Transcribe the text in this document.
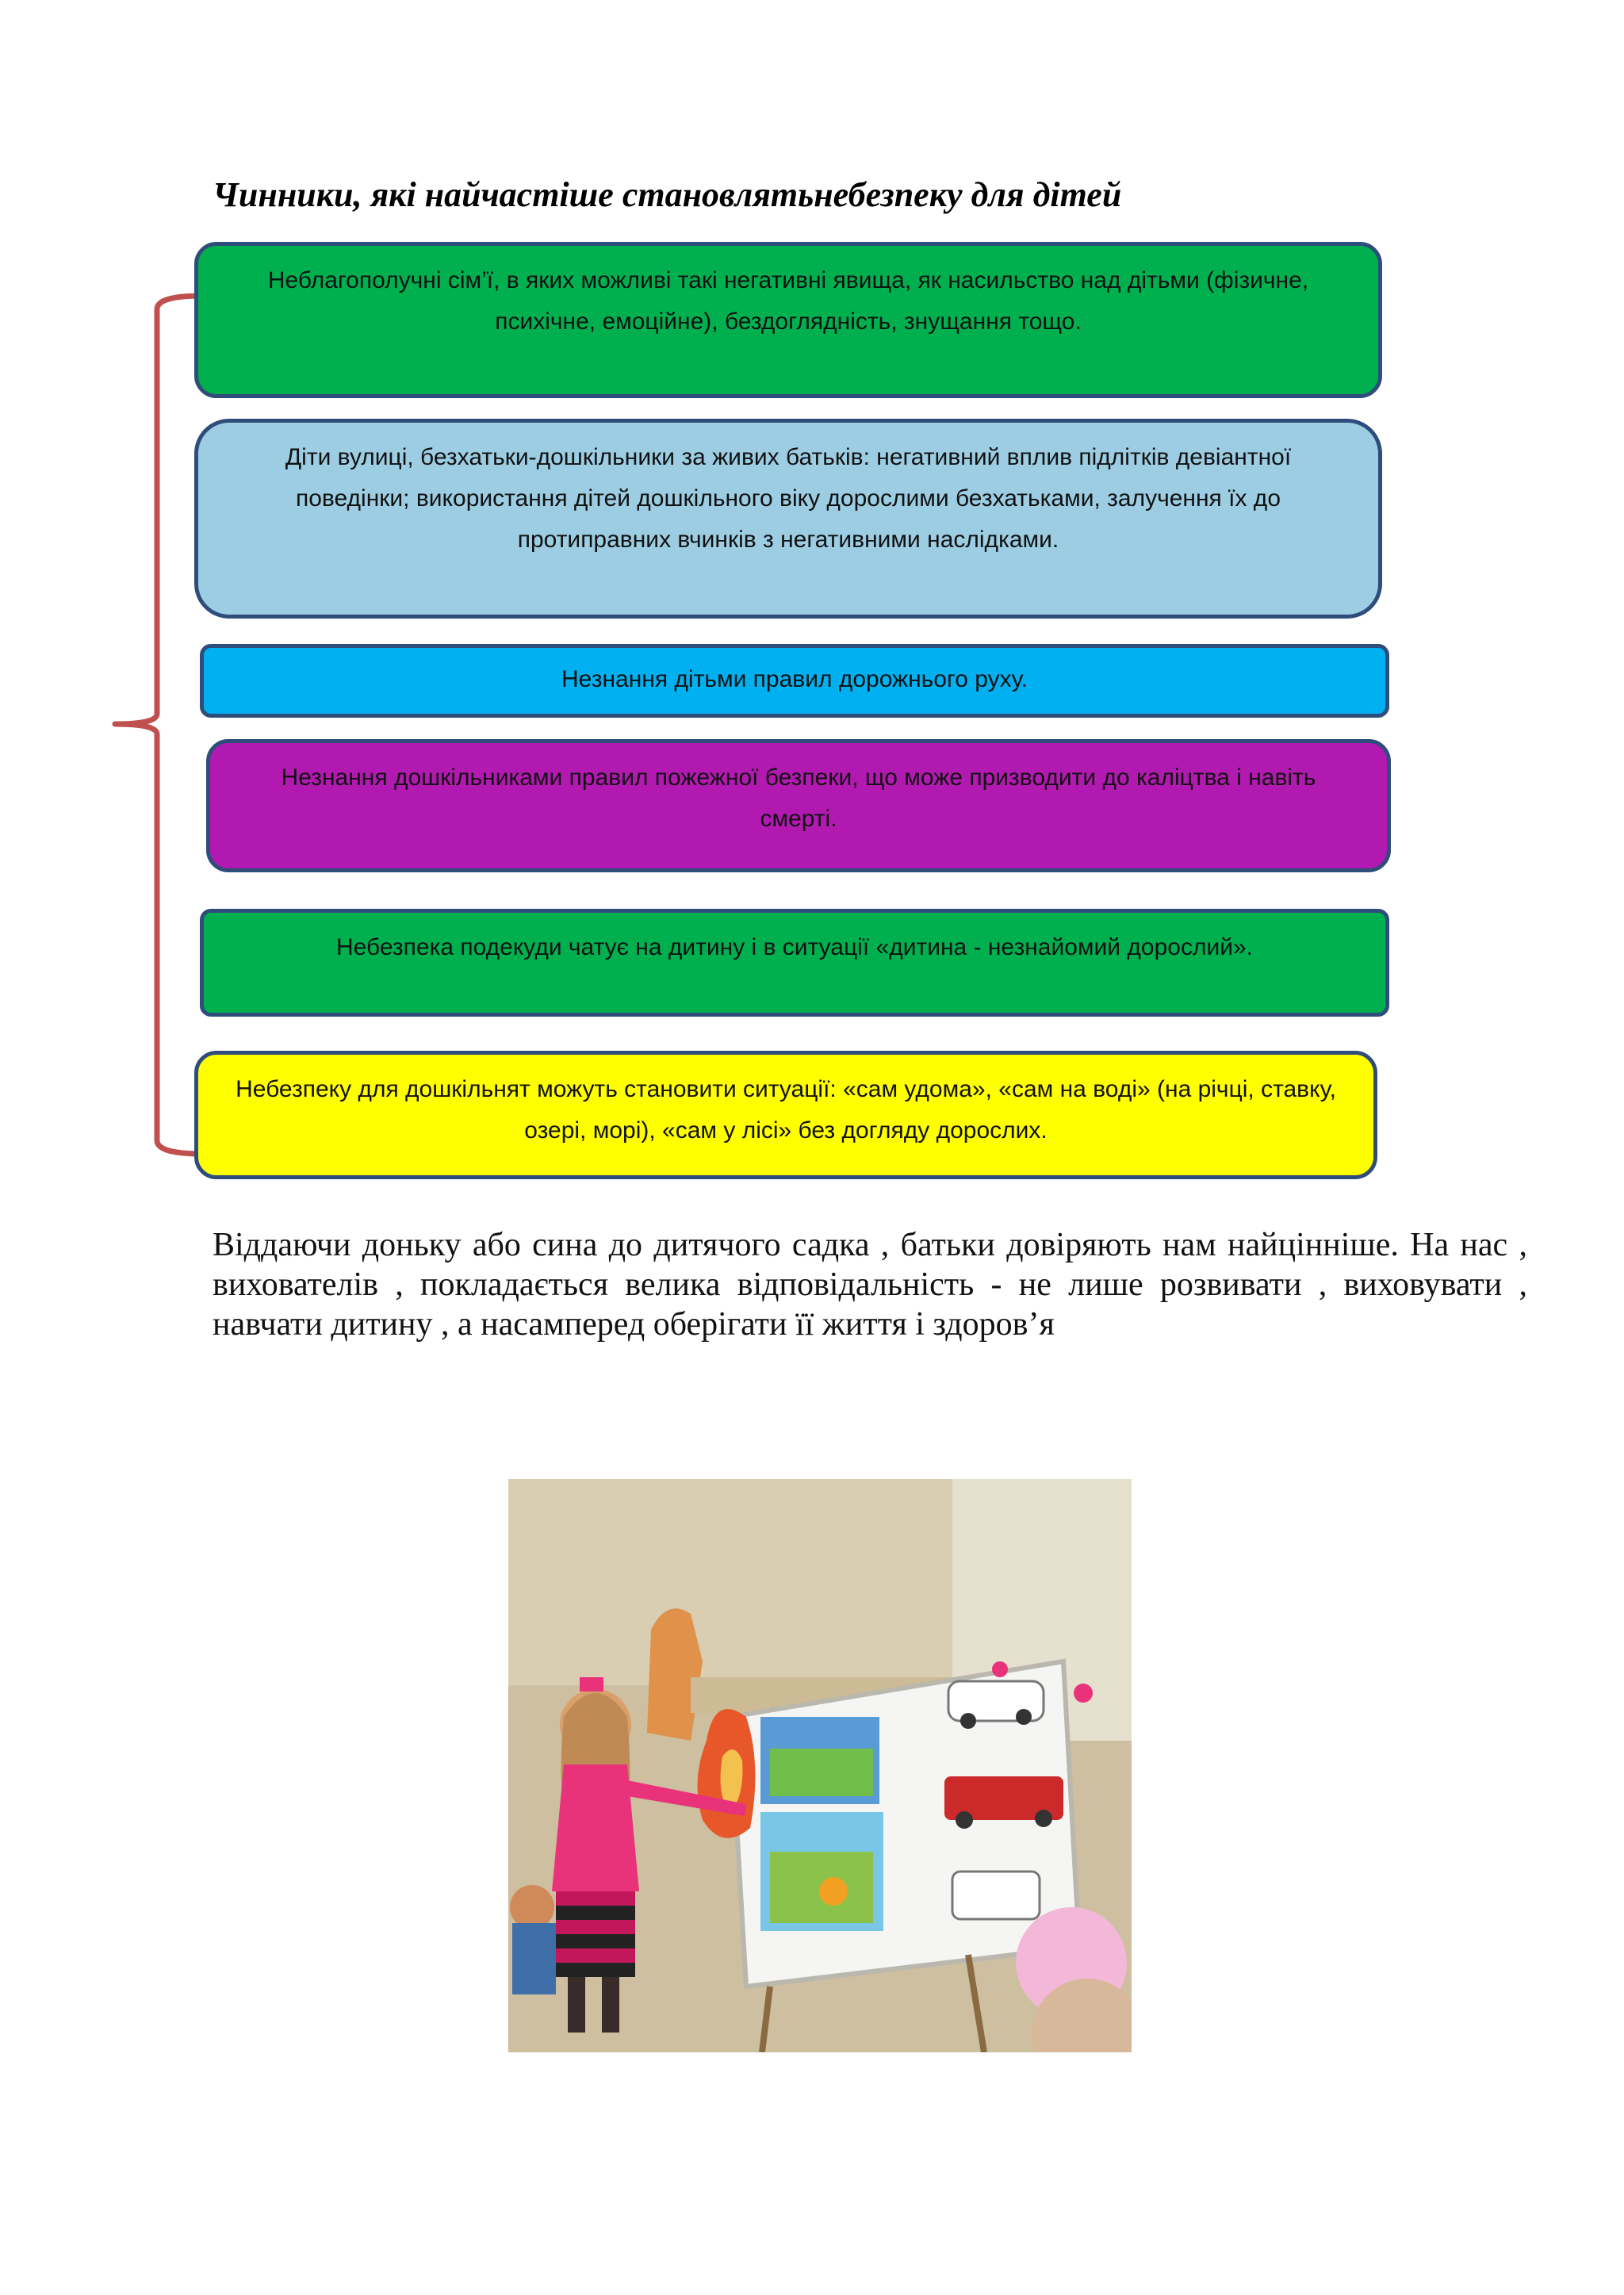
Чинники, які найчастіше становлятьнебезпеку для дітей
Неблагополучні сім’ї, в яких можливі такі негативні явища, як насильство над дітьми (фізичне, психічне, емоційне), бездоглядність, знущання тощо.
Діти вулиці, безхатьки-дошкільники за живих батьків: негативний вплив підлітків девіантної поведінки; використання дітей дошкільного віку дорослими безхатьками, залучення їх до протиправних вчинків з негативними наслідками.
Незнання дітьми правил дорожнього руху.
Незнання дошкільниками правил пожежної безпеки, що може призводити до каліцтва і навіть смерті.
Небезпека подекуди чатує на дитину і в ситуації «дитина - незнайомий дорослий».
Небезпеку для дошкільнят можуть становити ситуації: «сам удома», «сам на воді» (на річці, ставку, озері, морі), «сам у лісі» без догляду дорослих.
Віддаючи доньку або сина до дитячого садка , батьки довіряють нам найцінніше. На нас , вихователів , покладається велика відповідальність - не лише розвивати , виховувати , навчати дитину , а насамперед оберігати її життя і здоров’я
